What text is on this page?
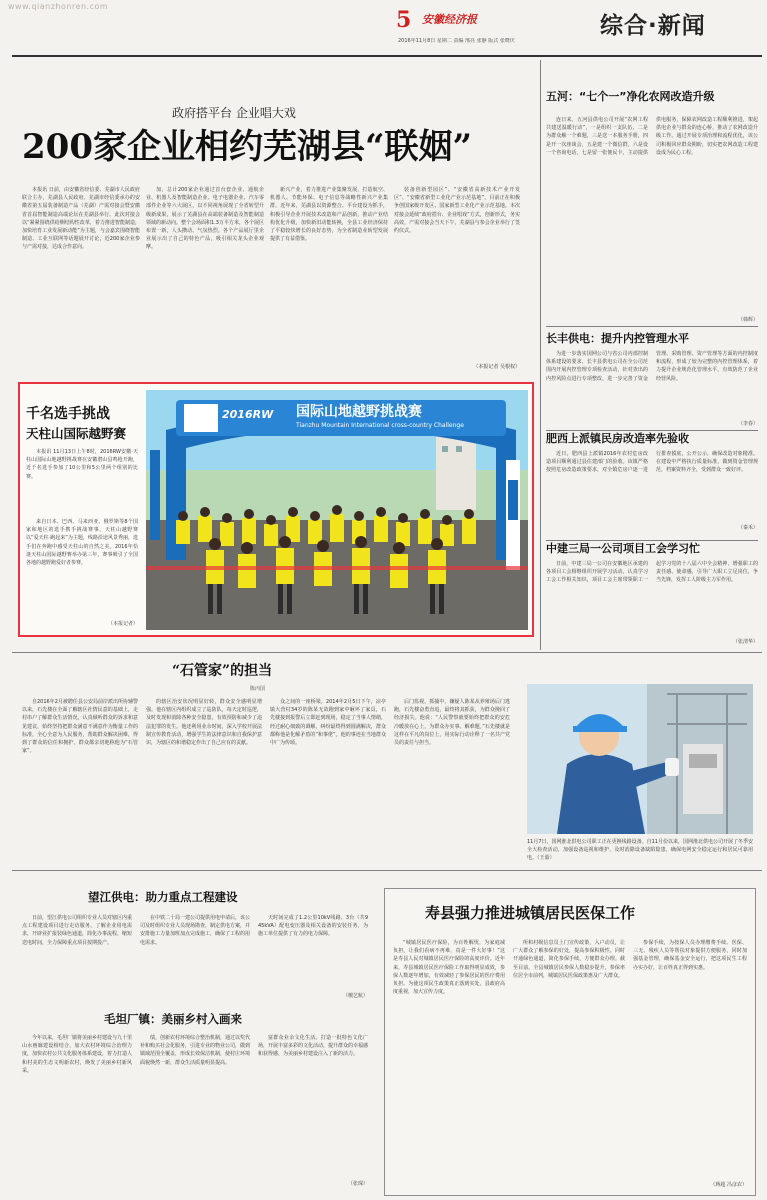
www.qianzhonren.com
5 安徽经济报
2016年11月8日 星期二 责编 邢亮 张静 版式 张晓庆
综合·新闻
政府搭平台 企业唱大戏
200家企业相约芜湖县“联姻”
本报讯 日前，由安徽省经信委、芜湖市人民政府联合主办，芜湖县人民政府、芜湖市经信委承办的安徽省第五届装备制造产品（芜湖）产需对接会暨安徽省首届智能制造高端论坛在芜湖县举行。此次对接会以“紧紧围绕供给侧结构性改革，着力推进智能制造，加快培育工业发展新动能”为主题，与会嘉宾围绕智能制造、工业互联网等话题展开讨论，近200家企业参与产需对接，达成合作意向。
加，总计200家企业通过首台套企业、通航企业、机器人及智能制造企业、电子电器企业、汽车零部件企业等六大展区，以不同视角展现了全省转型升级新成果，展示了芜湖县在高端装备制造及智能制造领域的新动向。整个会场面积1.3万平方米，各个展区布置一新，人头攒动、气氛热烈。各个产品展厅里企业展示出了自己的特色产品，吸引相关龙头企业观摩。
新兴产业，着力推进产业集聚发展，打造航空、机器人、节能环保、电子信息等战略性新兴产业集群。近年来，芜湖县以资源整合、平台建设为抓手，积极引导企业开展技术改造和产品创新，推动产业结构优化升级，加快新旧动能转换，全县工业经济保持了平稳较快增长的良好态势，为全省制造业转型发展提供了有益借鉴。
装备创新型园区”、“安徽省高新技术产业开发区”、“安徽省新型工业化产业示范基地”，目前正在积极争创国家级开发区、国家新型工业化产业示范基地。本次对接会延续“政府搭台、企业唱戏”方式，创新形式，务实高效，产需对接会当天下午，芜湖县与参会企业举行了签约仪式。
（本报记者 吴根权）
千名选手挑战
天柱山国际越野赛
本报讯 11月13日上午8时，2016RW安徽·天柱山国际山地越野挑战赛在安徽潜山县鸣枪开跑，近千名选手参加了10公里和5公里两个组别的比赛。
来自日本、巴西、马来西亚、俄罗斯等8个国家和地区的选手携手挑战赛事。天柱山越野赛以“爱天柱·跑起来”为主题，线路沿途风景秀丽，选手们在奔跑中感受天柱山的自然之美。2016年恰逢天柱山国际越野赛举办第三年，赛事吸引了全国各地的越野跑爱好者参赛。
（本报记者）
2016RW 国际山地越野挑战赛
Tianzhu Mountain International cross-country Challenge
五河：“七个一”净化农网改造升级
连日来，五河县供电公司开展“农网工程共建送温暖行动”，一是组织一支队伍，二是为群众解一个难题，三是送一本服务手册，四是开一次座谈会，五是建一个微信群，六是设一个咨询电话，七是留一张便民卡，主动提供供电服务，保障农网改造工程顺利推进，架起供电企业与群众的连心桥，推动了农网改造升级工作。通过开展专项治理和流程优化，该公司积极回应群众期盼，切实把农网改造工程建设成为民心工程。
（韩辉）
长丰供电：提升内控管理水平
为进一步落实国网公司与省公司内部控制体系建设的要求，长丰县供电公司在全公司范围内开展内控管理专项检查活动，针对查出的内控风险点进行专项整改，进一步完善了资金管理、采购管理、资产管理等方面的内控制度和流程，形成了较为完整的内控管理体系，着力提升企业规范化管理水平，有效防范了企业经营风险。
（李春）
肥西上派镇民房改造率先验收
近日，肥西县上派镇2016年农村危房改造项目顺利通过县住建部门的验收。该镇严格按照危房改造政策要求，对全镇危房户逐一进行排查摸底，公开公示，确保改造对象精准。在建设中严格执行质量标准，做到资金管理规范，档案资料齐全，受到群众一致好评。
（秦禾）
中建三局一公司项目工会学习忙
日前，中建三局一公司在安徽地区承建的各项目工会相继组织开展学习活动，认真学习工会工作相关知识，项目工会主席带领职工一起学习党的十八届六中全会精神，增强职工的责任感、使命感，引导广大职工立足岗位，争当先锋，发挥工人阶级主力军作用。
（张清华）
“石管家”的担当
陈丙国
自2016年2月被聘任县公安局前岸派出所协辅警以来，石先楼在全面了解辖区社情民意的基础上，走村串户了解群众生活情况，认真倾听群众的诉求和意见建议，始终坚持把群众满意不满意作为衡量工作的标准，全心全意为人民服务，帮助群众解决困难，得到了群众的信任和拥护，群众都亲切地称他为“石管家”。
的辖区治安状况明显好转，群众安全感明显增强。他在辖区内组织成立了巡防队，每天定时巡逻，及时发现和消除各种安全隐患，有效预防和减少了违法犯罪的发生。他还利用业余时间，深入学校开展法制宣传教育活动，增强学生的法律意识和自我保护意识，为辖区的和谐稳定作出了自己应有的贡献。
众之间的一座桥梁。2014年2月5日下午，凉亭镇大营村34岁的陈某无故跑到家中砸坏了家具，石先楼接到报警后立即赶到现场，稳定了当事人情绪，经过耐心细致的调解，纠纷最终得到圆满解决，群众都称他是化解矛盾的“和事佬”。他的事迹在当地群众中广为传颂。
后门监视。抓捕中，嫌疑人陈某从养殖场后门逃跑，石先楼奋勇直追，最终将其抓获，为群众挽回了经济损失。他说：“人民警察就要始终把群众的安危冷暖放在心上，为群众办实事、解难题。”石先楼就是这样在平凡的岗位上，用实际行动诠释了一名共产党员的责任与担当。
11月7日，国网淮北供电公司职工正在更换线路设备。自11月份以来，国网淮北供电公司开展了冬季安全大检查活动，加强设备巡视和维护，及时消除设备缺陷隐患，确保电网安全稳定运行和居民可靠用电。（王茹）
望江供电：助力重点工程建设
日前，望江供电公司组织专业人员对辖区内重点工程建设项目进行走访服务，了解企业用电需求，开辟业扩报装绿色通道，简化办事流程，缩短送电时间，全力保障重点项目按期投产。
在中铁二十局一建公司提供用电申请后，该公司及时组织专业人员现场勘查，制定供电方案，并安排施工力量加班加点完成施工，确保了工程的用电需求。
天时间完成了1.2公里10kV线路、3台（共945kVA）配电变压器及相关设备的安装任务，为施工单位提供了有力的电力保障。
（檀艺航）
毛坦厂镇：美丽乡村入画来
今年以来，毛坦厂镇将美丽乡村建设与九十里山水画廊建设相结合，加大农村环境综合治理力度，加快农村公共文化服务体系建设，着力打造人和村美的生态文明新农村，焕发了美丽乡村新风采。
绩。创新农村环境综合整治机制，通过以奖代补和购买社会化服务，引进专业的物业公司，做到镇域范围全覆盖，形成长效保洁机制，使村庄环境面貌焕然一新，群众生活质量明显提高。
富群众业余文化生活。打造一批特色文化广场，开展丰富多彩的文化活动，提升群众的幸福感和获得感，为美丽乡村建设注入了新的活力。
（张琛）
寿县强力推进城镇居民医保工作
“城镇居民医疗保险，为百姓解忧，为家庭减负担，让我们看病不再难，真是一件大好事！”这是寿县人民对城镇居民医疗保险的高度评价。近年来，寿县城镇居民医疗保险工作取得明显成效，参保人数逐年增加，有效减轻了参保居民的医疗费用负担。为使这项民生政策真正落到实处，县政府高度重视，加大宣传力度。
所和村级信息员上门宣传政策，入户动员，让广大群众了解参保的好处，提高参保积极性。同时开通绿色通道，简化参保手续，方便群众办理。截至目前，全县城镇居民参保人数稳步提升，参保率位居全市前列，城镇居民医保政策惠及广大群众。
参保手续，为按保人员办理缴费手续、医保、三无、残疾人员等帮扶对象提供方便服务，同时加强基金管理，确保基金安全运行，把这项民生工程办实办好，让百姓真正得到实惠。
（蒋超 冯彦农）
